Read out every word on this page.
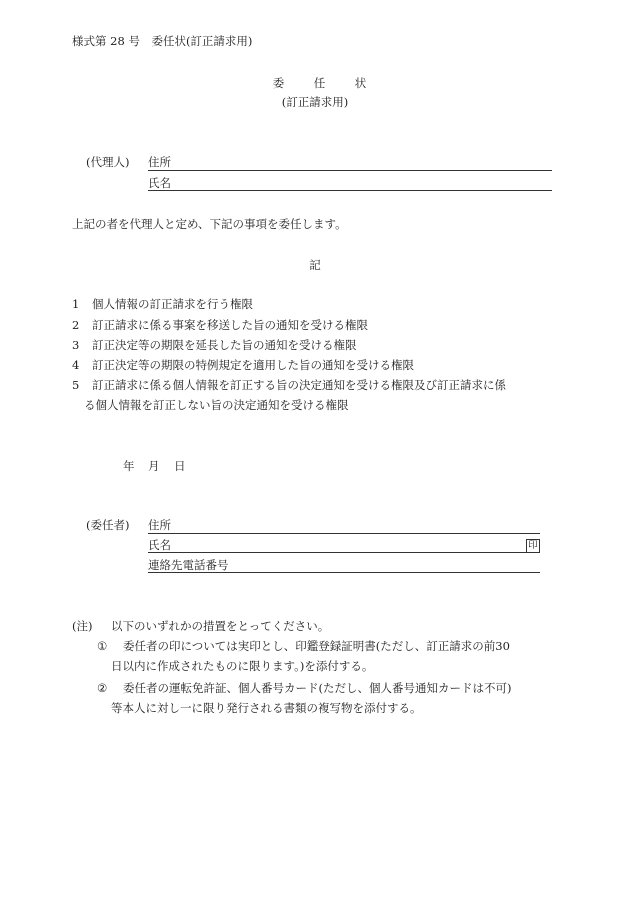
様式第 28 号　委任状(訂正請求用)
委　任　状
(訂正請求用)
(代理人) 住所
氏名
上記の者を代理人と定め、下記の事項を委任します。
記
1 個人情報の訂正請求を行う権限
2 訂正請求に係る事案を移送した旨の通知を受ける権限
3 訂正決定等の期限を延長した旨の通知を受ける権限
4 訂正決定等の期限の特例規定を適用した旨の通知を受ける権限
5 訂正請求に係る個人情報を訂正する旨の決定通知を受ける権限及び訂正請求に係
る個人情報を訂正しない旨の決定通知を受ける権限
年 月 日
(委任者) 住所
氏名	印
連絡先電話番号
(注) 以下のいずれかの措置をとってください。
① 委任者の印については実印とし、印鑑登録証明書(ただし、訂正請求の前30
日以内に作成されたものに限ります。)を添付する。
② 委任者の運転免許証、個人番号カード(ただし、個人番号通知カードは不可)
等本人に対し一に限り発行される書類の複写物を添付する。
